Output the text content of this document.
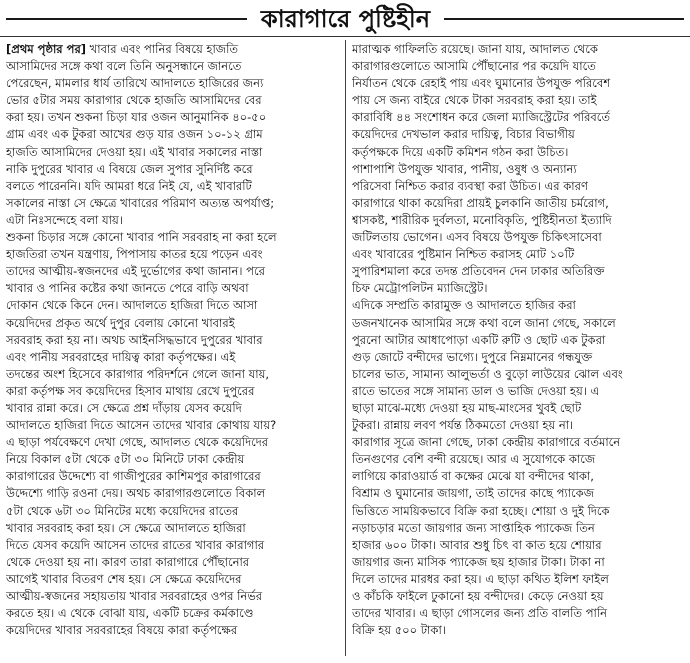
কারাগারে পুষ্টিহীন
[প্রথম পৃষ্ঠার পর] খাবার এবং পানির বিষয়ে হাজতি
আসামিদের সঙ্গে কথা বলে তিনি অনুসন্ধানে জানতে
পেরেছেন, মামলার ধার্য তারিখে আদালতে হাজিরের জন্য
ভোর ৫টার সময় কারাগার থেকে হাজতি আসামিদের বের
করা হয়। তখন শুকনা চিড়া যার ওজন আনুমানিক ৪০-৫০
গ্রাম এবং এক টুকরা আখের গুড় যার ওজন ১০-১২ গ্রাম
হাজতি আসামিদের দেওয়া হয়। এই খাবার সকালের নাস্তা
নাকি দুপুরের খাবার এ বিষয়ে জেল সুপার সুনির্দিষ্ট করে
বলতে পারেননি। যদি আমরা ধরে নিই যে, এই খাবারটি
সকালের নাস্তা সে ক্ষেত্রে খাবারের পরিমাণ অত্যন্ত অপর্যাপ্ত;
এটা নিঃসন্দেহে বলা যায়।
শুকনা চিড়ার সঙ্গে কোনো খাবার পানি সরবরাহ না করা হলে
হাজতিরা তখন যন্ত্রণায়, পিপাসায় কাতর হয়ে পড়েন এবং
তাদের আত্মীয়-স্বজনদের এই দুর্ভোগের কথা জানান। পরে
খাবার ও পানির কষ্টের কথা জানতে পেরে বাড়ি অথবা
দোকান থেকে কিনে দেন। আদালতে হাজিরা দিতে আসা
কয়েদিদের প্রকৃত অর্থে দুপুর বেলায় কোনো খাবারই
সরবরাহ করা হয় না। অথচ আইনসিদ্ধভাবে দুপুরের খাবার
এবং পানীয় সরবরাহের দায়িত্ব কারা কর্তৃপক্ষের। এই
তদন্তের অংশ হিসেবে কারাগার পরিদর্শনে গেলে জানা যায়,
কারা কর্তৃপক্ষ সব কয়েদিদের হিসাব মাথায় রেখে দুপুরের
খাবার রান্না করে। সে ক্ষেত্রে প্রশ্ন দাঁড়ায় যেসব কয়েদি
আদালতে হাজিরা দিতে আসেন তাদের খাবার কোথায় যায়?
এ ছাড়া পর্যবেক্ষণে দেখা গেছে, আদালত থেকে কয়েদিদের
নিয়ে বিকাল ৫টা থেকে ৫টা ৩০ মিনিটে ঢাকা কেন্দ্রীয়
কারাগারের উদ্দেশ্যে বা গাজীপুরের কাশিমপুর কারাগারের
উদ্দেশ্যে গাড়ি রওনা দেয়। অথচ কারাগারগুলোতে বিকাল
৫টা থেকে ৬টা ৩০ মিনিটের মধ্যে কয়েদিদের রাতের
খাবার সরবরাহ করা হয়। সে ক্ষেত্রে আদালতে হাজিরা
দিতে যেসব কয়েদি আসেন তাদের রাতের খাবার কারাগার
থেকে দেওয়া হয় না। কারণ তারা কারাগারে পৌঁছানোর
আগেই খাবার বিতরণ শেষ হয়। সে ক্ষেত্রে কয়েদিদের
আত্মীয়-স্বজনের সহায়তায় খাবার সরবরাহের ওপর নির্ভর
করতে হয়। এ থেকে বোঝা যায়, একটি চক্রের কর্মকাণ্ডে
কয়েদিদের খাবার সরবরাহের বিষয়ে কারা কর্তৃপক্ষের
মারাত্মক গাফিলতি রয়েছে। জানা যায়, আদালত থেকে
কারাগারগুলোতে আসামি পৌঁছানোর পর কয়েদি যাতে
নির্যাতন থেকে রেহাই পায় এবং ঘুমানোর উপযুক্ত পরিবেশ
পায় সে জন্য বাইরে থেকে টাকা সরবরাহ করা হয়। তাই
কারাবিধি ৪৪ সংশোধন করে জেলা ম্যাজিস্ট্রেটের পরিবর্তে
কয়েদিদের দেখভাল করার দায়িত্ব, বিচার বিভাগীয়
কর্তৃপক্ষকে দিয়ে একটি কমিশন গঠন করা উচিত।
পাশাপাশি উপযুক্ত খাবার, পানীয়, ওষুধ ও অন্যান্য
পরিসেবা নিশ্চিত করার ব্যবস্থা করা উচিত। এর কারণ
কারাগারে থাকা কয়েদিরা প্রায়ই চুলকানি জাতীয় চর্মরোগ,
শ্বাসকষ্ট, শারীরিক দুর্বলতা, মনোবিকৃতি, পুষ্টিহীনতা ইত্যাদি
জটিলতায় ভোগেন। এসব বিষয়ে উপযুক্ত চিকিৎসাসেবা
এবং খাবারের পুষ্টিমান নিশ্চিত করাসহ মোট ১০টি
সুপারিশমালা করে তদন্ত প্রতিবেদন দেন ঢাকার অতিরিক্ত
চিফ মেট্রোপলিটন ম্যাজিস্ট্রেট।
এদিকে সম্প্রতি কারামুক্ত ও আদালতে হাজির করা
ডজনখানেক আসামির সঙ্গে কথা বলে জানা গেছে, সকালে
পুরনো আটার আধাপোড়া একটি রুটি ও ছোট এক টুকরা
গুড় জোটে বন্দীদের ভাগ্যে। দুপুরে নিম্নমানের গন্ধযুক্ত
চালের ভাত, সামান্য আলুভর্তা ও বুড়ো লাউয়ের ঝোল এবং
রাতে ভাতের সঙ্গে সামান্য ডাল ও ভাজি দেওয়া হয়। এ
ছাড়া মাঝে-মধ্যে দেওয়া হয় মাছ-মাংসের খুবই ছোট
টুকরা। রান্নায় লবণ পর্যন্ত ঠিকমতো দেওয়া হয় না।
কারাগার সূত্রে জানা গেছে, ঢাকা কেন্দ্রীয় কারাগারে বর্তমানে
তিনগুণের বেশি বন্দী রয়েছে। আর এ সুযোগকে কাজে
লাগিয়ে কারাওয়ার্ড বা কক্ষের মেঝে যা বন্দীদের থাকা,
বিশ্রাম ও ঘুমানোর জায়গা, তাই তাদের কাছে প্যাকেজ
ভিত্তিতে সাময়িকভাবে বিক্রি করা হচ্ছে। শোয়া ও দুই দিকে
নড়াচড়ার মতো জায়গার জন্য সাপ্তাহিক প্যাকেজ তিন
হাজার ৬০০ টাকা। আবার শুধু চিৎ বা কাত হয়ে শোয়ার
জায়গার জন্য মাসিক প্যাকেজ ছয় হাজার টাকা। টাকা না
দিলে তাদের মারধর করা হয়। এ ছাড়া কথিত ইলিশ ফাইল
ও কাঁচকি ফাইলে ঢুকানো হয় বন্দীদের। কেড়ে নেওয়া হয়
তাদের খাবার। এ ছাড়া গোসলের জন্য প্রতি বালতি পানি
বিক্রি হয় ৫০০ টাকা।
